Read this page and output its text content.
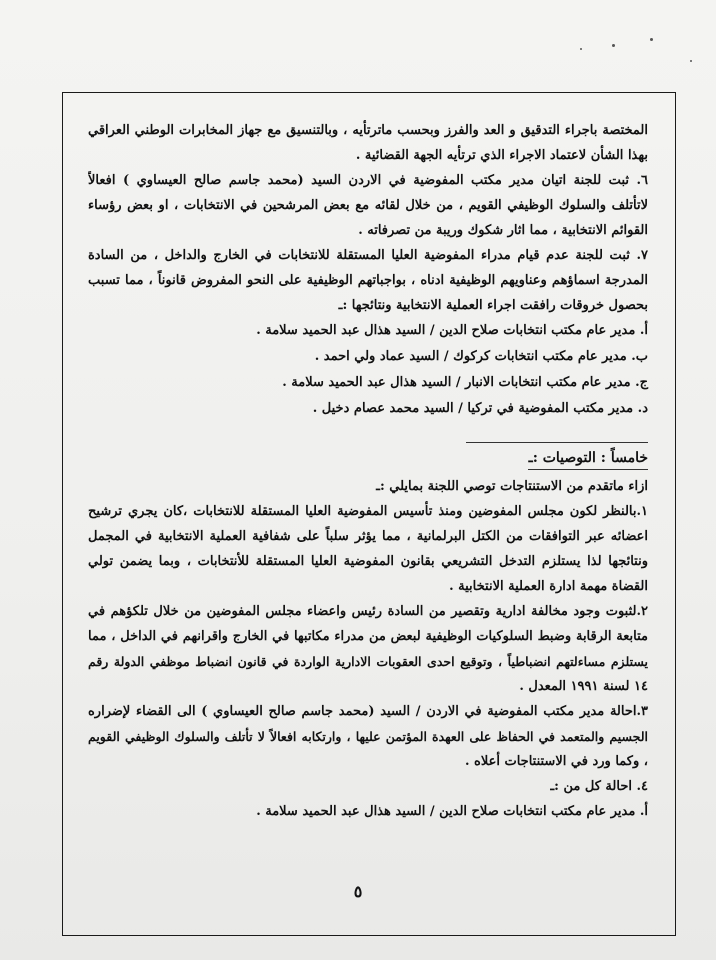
المختصة باجراء التدقيق و العد والفرز وبحسب ماترتأيه ، وبالتنسيق مع جهاز المخابرات الوطني العراقي
بهذا الشأن لاعتماد الاجراء الذي ترتأيه الجهة القضائية .
٦. ثبت للجنة اتيان مدير مكتب المفوضية في الاردن السيد (محمد جاسم صالح العيساوي ) افعالاً
لاتأتلف والسلوك الوظيفي القويم ، من خلال لقائه مع بعض المرشحين في الانتخابات ، او بعض رؤساء
القوائم الانتخابية ، مما اثار شكوك وريبة من تصرفاته .
٧. ثبت للجنة عدم قيام مدراء المفوضية العليا المستقلة للانتخابات في الخارج والداخل ، من السادة
المدرجة اسماؤهم وعناويهم الوظيفية ادناه ، بواجباتهم الوظيفية على النحو المفروض قانوناً ، مما تسبب
بحصول خروقات رافقت اجراء العملية الانتخابية ونتائجها :ـ
أ. مدير عام مكتب انتخابات صلاح الدين / السيد هذال عبد الحميد سلامة .
ب. مدير عام مكتب انتخابات كركوك / السيد عماد ولي احمد .
ج. مدير عام مكتب انتخابات الانبار / السيد هذال عبد الحميد سلامة .
د. مدير مكتب المفوضية في تركيا / السيد محمد عصام دخيل .
خامساً : التوصيات :ـ
ازاء ماتقدم من الاستنتاجات توصي اللجنة بمايلي :ـ
١.بالنظر لكون مجلس المفوضين ومنذ تأسيس المفوضية العليا المستقلة للانتخابات ،كان يجري ترشيح
اعضائه عبر التوافقات من الكتل البرلمانية ، مما يؤثر سلباً على شفافية العملية الانتخابية في المجمل
ونتائجها لذا يستلزم التدخل التشريعي بقانون المفوضية العليا المستقلة للأنتخابات ، وبما يضمن تولي
القضاة مهمة ادارة العملية الانتخابية .
٢.لثبوت وجود مخالفة ادارية وتقصير من السادة رئيس واعضاء مجلس المفوضين من خلال تلكؤهم في
متابعة الرقابة وضبط السلوكيات الوظيفية لبعض من مدراء مكاتبها في الخارج واقرانهم في الداخل ، مما
يستلزم مساءلتهم انضباطياً ، وتوقيع احدى العقوبات الادارية الواردة في قانون انضباط موظفي الدولة رقم
١٤ لسنة ١٩٩١ المعدل .
٣.احالة مدير مكتب المفوضية في الاردن / السيد (محمد جاسم صالح العيساوي ) الى القضاء لإضراره
الجسيم والمتعمد في الحفاظ على العهدة المؤتمن عليها ، وارتكابه افعالاً لا تأتلف والسلوك الوظيفي القويم
، وكما ورد في الاستنتاجات أعلاه .
٤. احالة كل من :ـ
أ. مدير عام مكتب انتخابات صلاح الدين / السيد هذال عبد الحميد سلامة .
٥
